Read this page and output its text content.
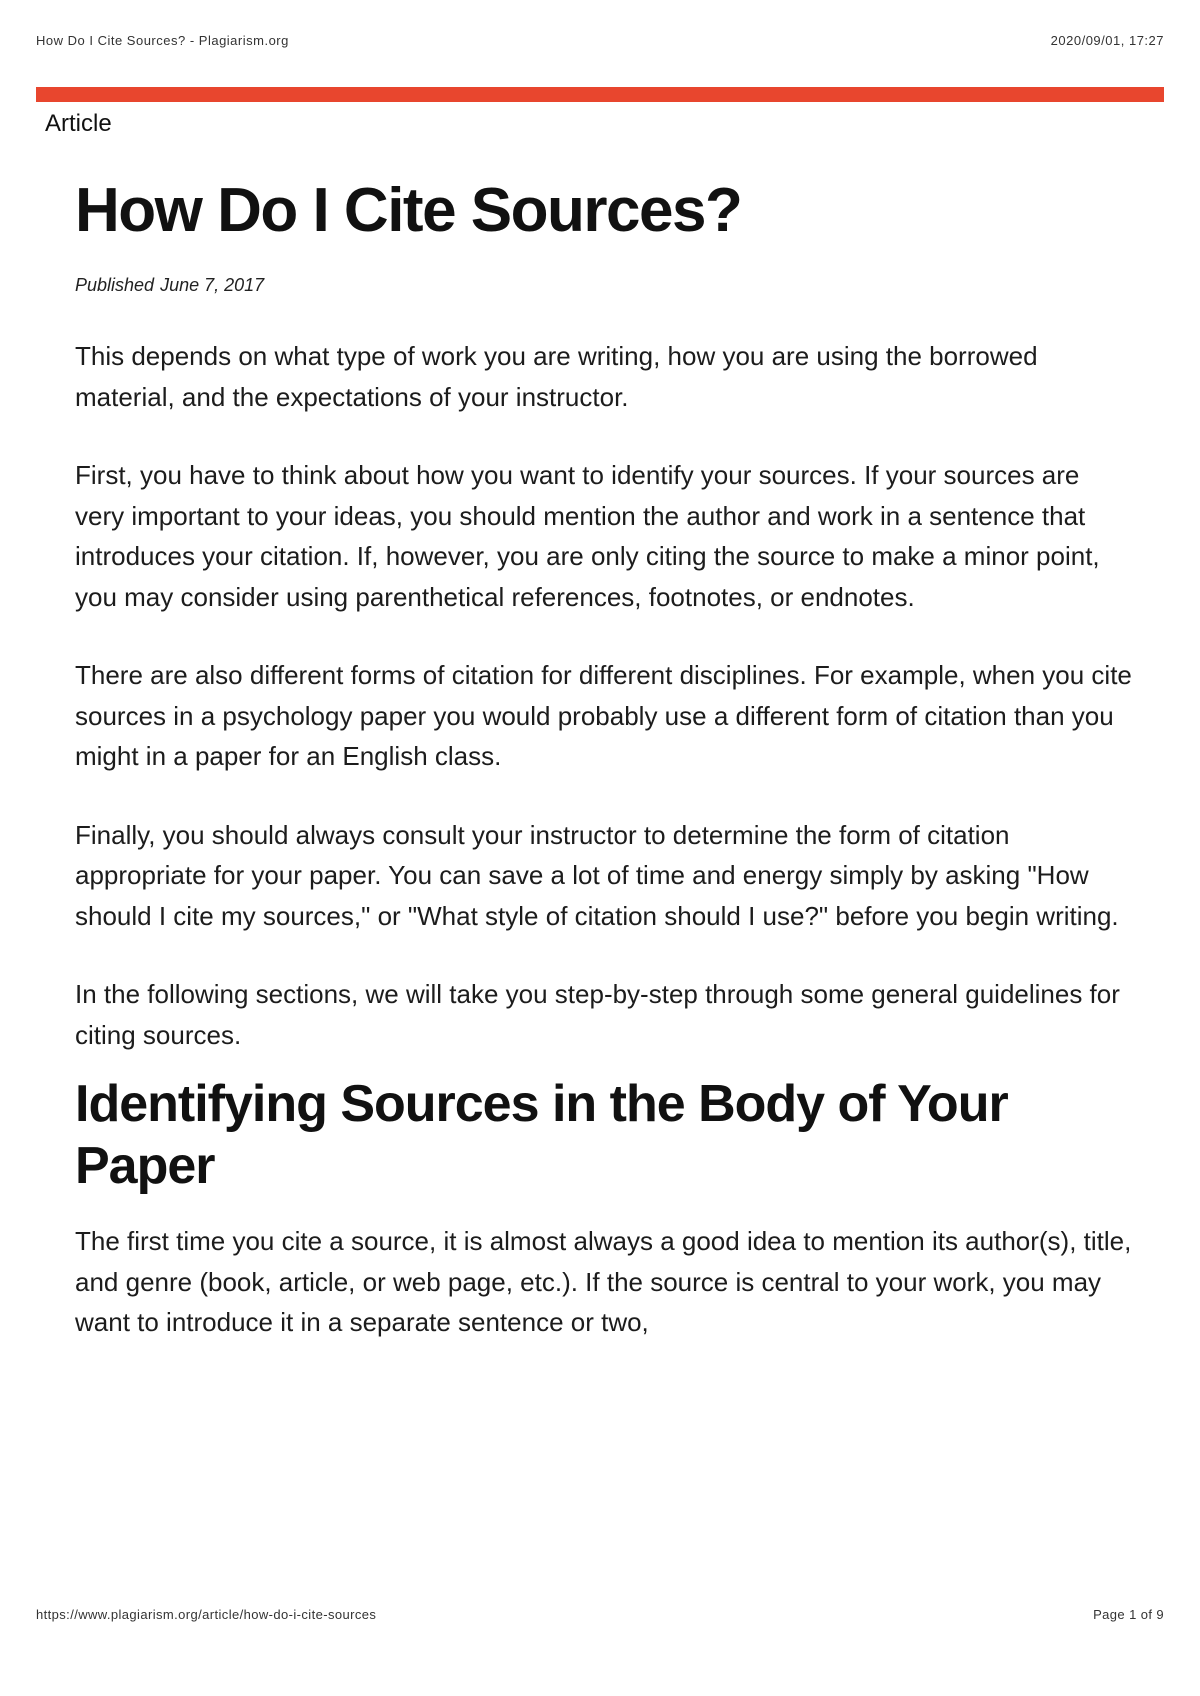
How Do I Cite Sources? - Plagiarism.org	2020/09/01, 17:27
Article
How Do I Cite Sources?
Published June 7, 2017

This depends on what type of work you are writing, how you are using the borrowed material, and the expectations of your instructor.

First, you have to think about how you want to identify your sources. If your sources are very important to your ideas, you should mention the author and work in a sentence that introduces your citation. If, however, you are only citing the source to make a minor point, you may consider using parenthetical references, footnotes, or endnotes.

There are also different forms of citation for different disciplines. For example, when you cite sources in a psychology paper you would probably use a different form of citation than you might in a paper for an English class.

Finally, you should always consult your instructor to determine the form of citation appropriate for your paper. You can save a lot of time and energy simply by asking "How should I cite my sources," or "What style of citation should I use?" before you begin writing.

In the following sections, we will take you step-by-step through some general guidelines for citing sources.

Identifying Sources in the Body of Your Paper

The first time you cite a source, it is almost always a good idea to mention its author(s), title, and genre (book, article, or web page, etc.). If the source is central to your work, you may want to introduce it in a separate sentence or two,

https://www.plagiarism.org/article/how-do-i-cite-sources	Page 1 of 9
